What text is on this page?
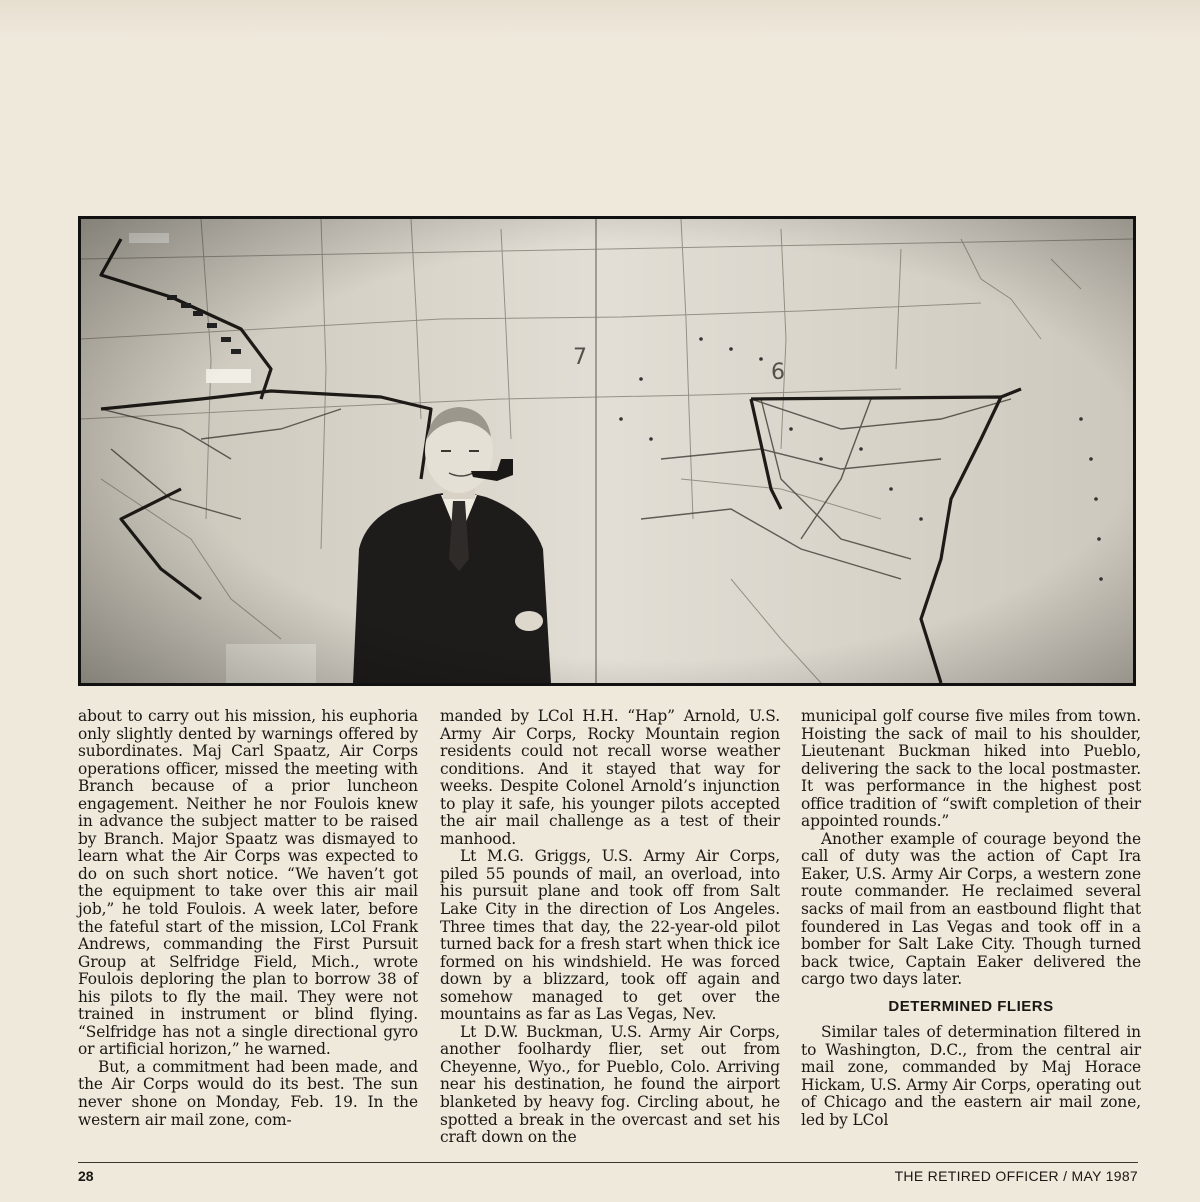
about to carry out his mission, his euphoria only slightly dented by warnings offered by subordinates. Maj Carl Spaatz, Air Corps operations officer, missed the meeting with Branch because of a prior luncheon engagement. Neither he nor Foulois knew in advance the subject matter to be raised by Branch. Major Spaatz was dismayed to learn what the Air Corps was expected to do on such short notice. “We haven’t got the equipment to take over this air mail job,” he told Foulois. A week later, before the fateful start of the mission, LCol Frank Andrews, commanding the First Pursuit Group at Selfridge Field, Mich., wrote Foulois deploring the plan to borrow 38 of his pilots to fly the mail. They were not trained in instrument or blind flying. “Selfridge has not a single directional gyro or artificial horizon,” he warned.

But, a commitment had been made, and the Air Corps would do its best. The sun never shone on Monday, Feb. 19. In the western air mail zone, com-

manded by LCol H.H. “Hap” Arnold, U.S. Army Air Corps, Rocky Mountain region residents could not recall worse weather conditions. And it stayed that way for weeks. Despite Colonel Arnold’s injunction to play it safe, his younger pilots accepted the air mail challenge as a test of their manhood.

Lt M.G. Griggs, U.S. Army Air Corps, piled 55 pounds of mail, an overload, into his pursuit plane and took off from Salt Lake City in the direction of Los Angeles. Three times that day, the 22-year-old pilot turned back for a fresh start when thick ice formed on his windshield. He was forced down by a blizzard, took off again and somehow managed to get over the mountains as far as Las Vegas, Nev.

Lt D.W. Buckman, U.S. Army Air Corps, another foolhardy flier, set out from Cheyenne, Wyo., for Pueblo, Colo. Arriving near his destination, he found the airport blanketed by heavy fog. Circling about, he spotted a break in the overcast and set his craft down on the

municipal golf course five miles from town. Hoisting the sack of mail to his shoulder, Lieutenant Buckman hiked into Pueblo, delivering the sack to the local postmaster. It was performance in the highest post office tradition of “swift completion of their appointed rounds.”

Another example of courage beyond the call of duty was the action of Capt Ira Eaker, U.S. Army Air Corps, a western zone route commander. He reclaimed several sacks of mail from an eastbound flight that foundered in Las Vegas and took off in a bomber for Salt Lake City. Though turned back twice, Captain Eaker delivered the cargo two days later.

DETERMINED FLIERS

Similar tales of determination filtered in to Washington, D.C., from the central air mail zone, commanded by Maj Horace Hickam, U.S. Army Air Corps, operating out of Chicago and the eastern air mail zone, led by LCol

28	THE RETIRED OFFICER / MAY 1987
